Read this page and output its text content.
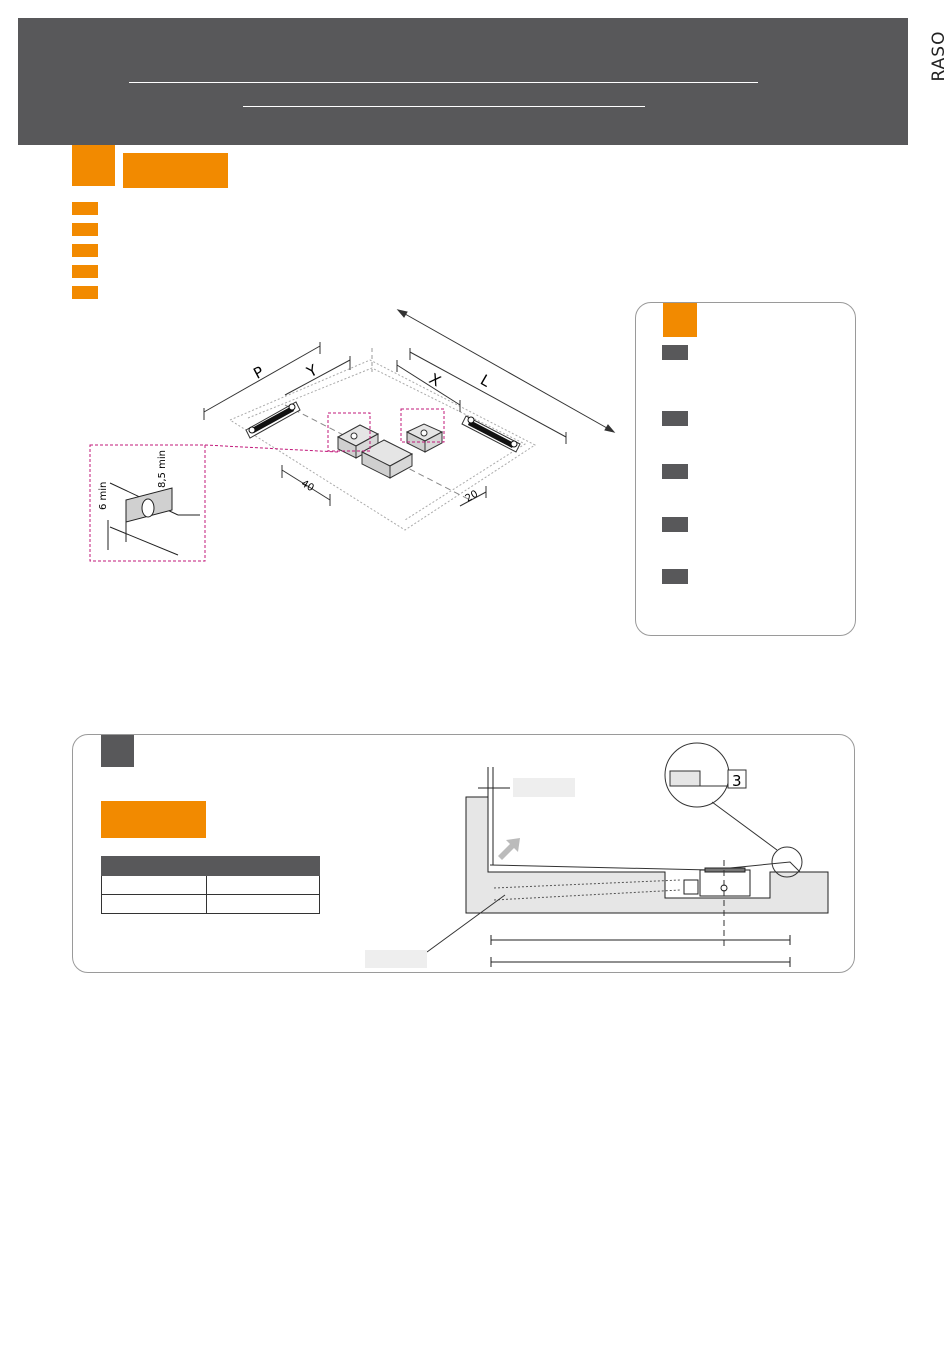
RASO
P Y	X L
40
20
8,5 min
6 min

3
